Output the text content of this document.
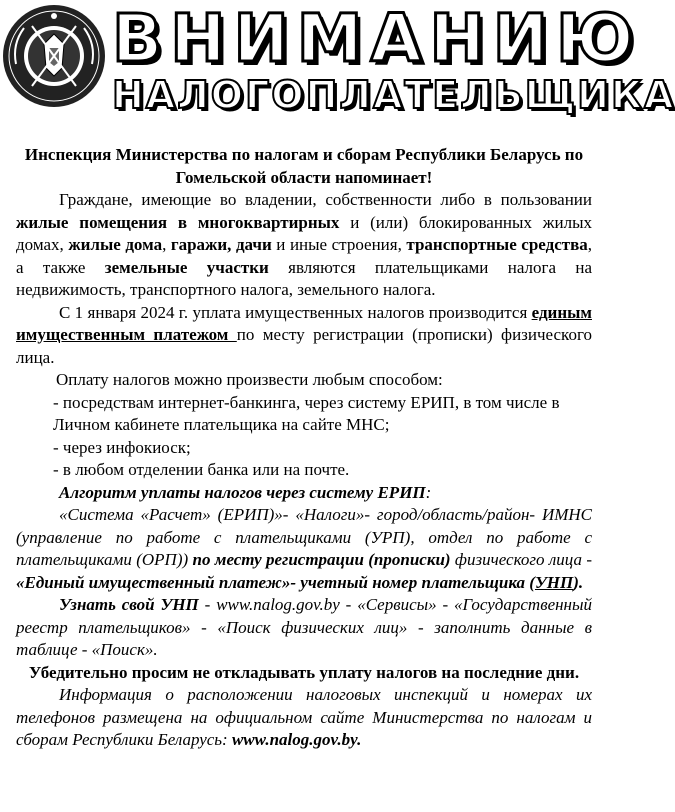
ВНИМАНИЮ
НАЛОГОПЛАТЕЛЬЩИКА

Инспекция Министерства по налогам и сборам Республики Беларусь по Гомельской области напоминает!

Граждане, имеющие во владении, собственности либо в пользовании жилые помещения в многоквартирных и (или) блокированных жилых домах, жилые дома, гаражи, дачи и иные строения, транспортные средства, а также земельные участки являются плательщиками налога на недвижимость, транспортного налога, земельного налога.

С 1 января 2024 г. уплата имущественных налогов производится единым имущественным платежом по месту регистрации (прописки) физического лица.

Оплату налогов можно произвести любым способом:

- посредствам интернет-банкинга, через систему ЕРИП, в том числе в Личном кабинете плательщика на сайте МНС;

- через инфокиоск;

- в любом отделении банка или на почте.

Алгоритм уплаты налогов через систему ЕРИП:

«Система «Расчет» (ЕРИП)»- «Налоги»- город/область/район- ИМНС (управление по работе с плательщиками (УРП), отдел по работе с плательщиками (ОРП)) по месту регистрации (прописки) физического лица - «Единый имущественный платеж»- учетный номер плательщика (УНП).

Узнать свой УНП - www.nalog.gov.by - «Сервисы» - «Государственный реестр плательщиков» - «Поиск физических лиц» - заполнить данные в таблице - «Поиск».

Убедительно просим не откладывать уплату налогов на последние дни.

Информация о расположении налоговых инспекций и номерах их телефонов размещена на официальном сайте Министерства по налогам и сборам Республики Беларусь: www.nalog.gov.by.
